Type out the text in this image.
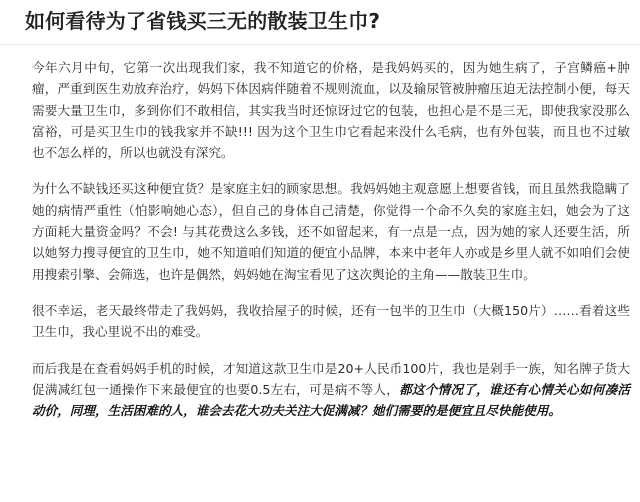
如何看待为了省钱买三无的散装卫生巾?

今年六月中旬，它第一次出现我们家，我不知道它的价格，是我妈妈买的，因为她生病了，子宫鳞癌+肿瘤，严重到医生劝放弃治疗，妈妈下体因病伴随着不规则流血，以及输尿管被肿瘤压迫无法控制小便，每天需要大量卫生巾，多到你们不敢相信，其实我当时还惊讶过它的包装，也担心是不是三无，即使我家没那么富裕，可是买卫生巾的钱我家并不缺!!! 因为这个卫生巾它看起来没什么毛病，也有外包装，而且也不过敏也不怎么样的，所以也就没有深究。

为什么不缺钱还买这种便宜货？是家庭主妇的顾家思想。我妈妈她主观意愿上想要省钱，而且虽然我隐瞒了她的病情严重性（怕影响她心态），但自己的身体自己清楚，你觉得一个命不久矣的家庭主妇，她会为了这方面耗大量资金吗？不会! 与其花费这么多钱，还不如留起来，有一点是一点，因为她的家人还要生活，所以她努力搜寻便宜的卫生巾，她不知道咱们知道的便宜小品牌，本来中老年人亦或是乡里人就不如咱们会使用搜索引擎、会筛选，也许是偶然，妈妈她在淘宝看见了这次舆论的主角——散装卫生巾。

很不幸运，老天最终带走了我妈妈，我收拾屋子的时候，还有一包半的卫生巾（大概150片）……看着这些卫生巾，我心里说不出的难受。

而后我是在查看妈妈手机的时候，才知道这款卫生巾是20+人民币100片，我也是剁手一族，知名牌子货大促满减红包一通操作下来最便宜的也要0.5左右，可是病不等人，都这个情况了，谁还有心情关心如何凑活动价，同理，生活困难的人，谁会去花大功夫关注大促满减？她们需要的是便宜且尽快能使用。
